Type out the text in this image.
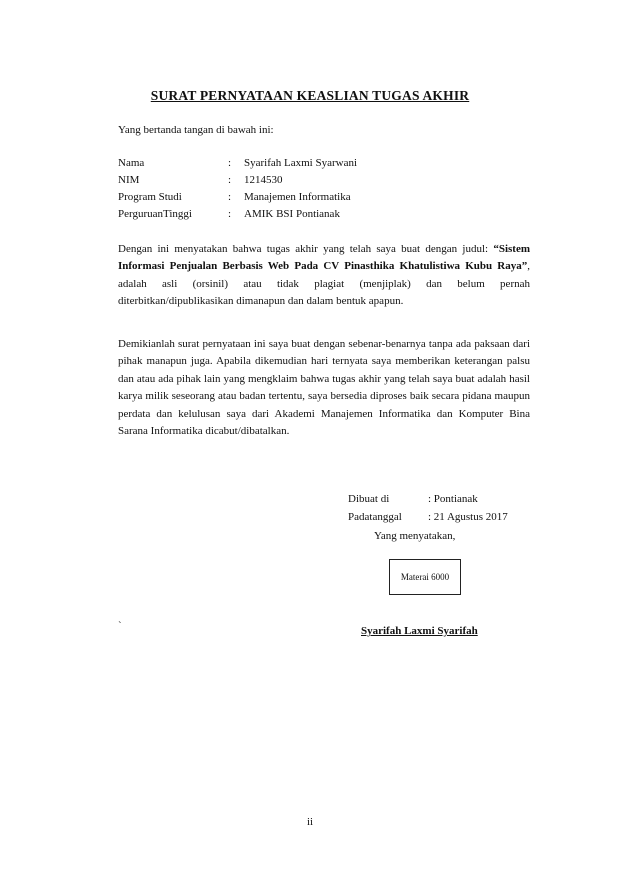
SURAT PERNYATAAN KEASLIAN TUGAS AKHIR
Yang bertanda tangan di bawah ini:
Nama	:	Syarifah Laxmi Syarwani
NIM	:	1214530
Program Studi	:	Manajemen Informatika
PerguruanTinggi	:	AMIK BSI Pontianak

Dengan ini menyatakan bahwa tugas akhir yang telah saya buat dengan judul: “Sistem Informasi Penjualan Berbasis Web Pada CV Pinasthika Khatulistiwa Kubu Raya”, adalah asli (orsinil) atau tidak plagiat (menjiplak) dan belum pernah diterbitkan/dipublikasikan dimanapun dan dalam bentuk apapun.

Demikianlah surat pernyataan ini saya buat dengan sebenar-benarnya tanpa ada paksaan dari pihak manapun juga. Apabila dikemudian hari ternyata saya memberikan keterangan palsu dan atau ada pihak lain yang mengklaim bahwa tugas akhir yang telah saya buat adalah hasil karya milik seseorang atau badan tertentu, saya bersedia diproses baik secara pidana maupun perdata dan kelulusan saya dari Akademi Manajemen Informatika dan Komputer Bina Sarana Informatika dicabut/dibatalkan.

Dibuat di	: Pontianak
Padatanggal	: 21 Agustus 2017
Yang menyatakan,
Materai 6000
`	Syarifah Laxmi Syarifah
ii
